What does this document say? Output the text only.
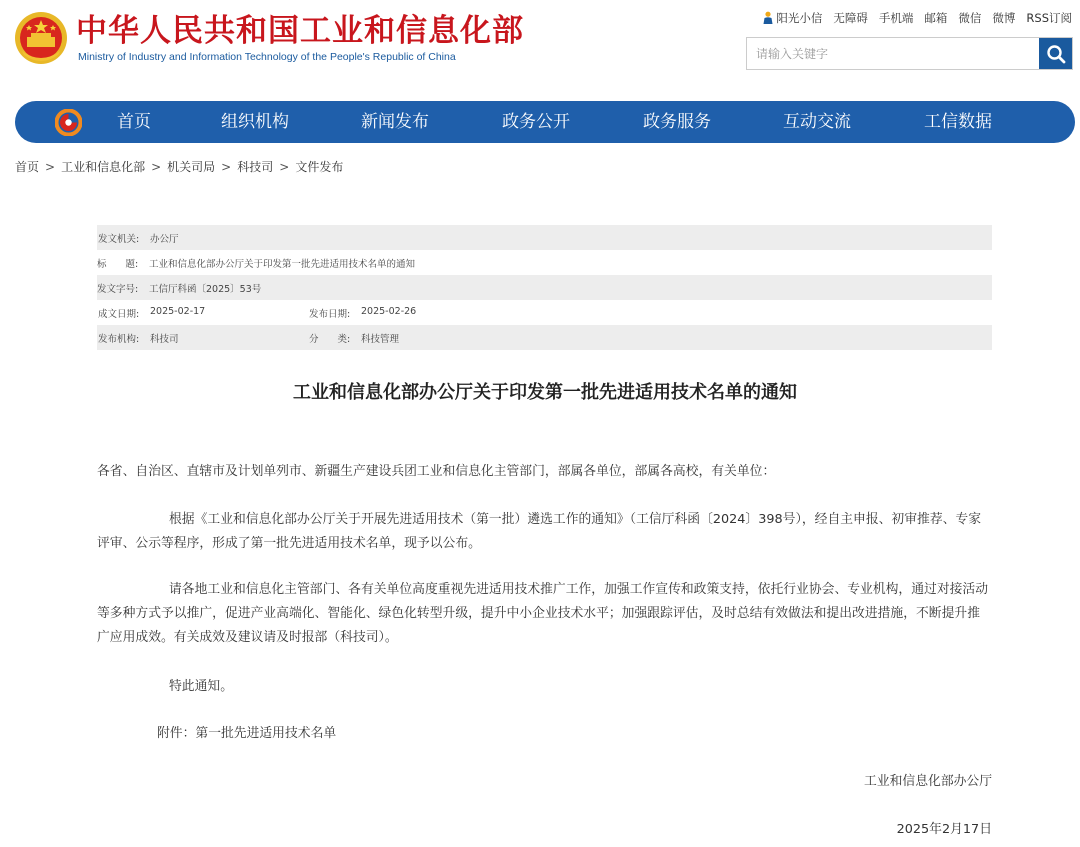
中华人民共和国工业和信息化部
Ministry of Industry and Information Technology of the People's Republic of China
阳光小信 无障碍 手机端 邮箱 微信 微博 RSS订阅
请输入关键字
首页	组织机构	新闻发布	政务公开	政务服务	互动交流	工信数据
首页 > 工业和信息化部 > 机关司局 > 科技司 > 文件发布
发文机关:	办公厅
标　　题:	工业和信息化部办公厅关于印发第一批先进适用技术名单的通知
发文字号:	工信厅科函〔2025〕53号
成文日期:	2025-02-17	发布日期:	2025-02-26
发布机构:	科技司	分　　类:	科技管理
工业和信息化部办公厅关于印发第一批先进适用技术名单的通知
各省、自治区、直辖市及计划单列市、新疆生产建设兵团工业和信息化主管部门，部属各单位，部属各高校，有关单位：
根据《工业和信息化部办公厅关于开展先进适用技术（第一批）遴选工作的通知》（工信厅科函〔2024〕398号），经自主申报、初审推荐、专家评审、公示等程序，形成了第一批先进适用技术名单，现予以公布。
请各地工业和信息化主管部门、各有关单位高度重视先进适用技术推广工作，加强工作宣传和政策支持，依托行业协会、专业机构，通过对接活动等多种方式予以推广，促进产业高端化、智能化、绿色化转型升级，提升中小企业技术水平；加强跟踪评估，及时总结有效做法和提出改进措施，不断提升推广应用成效。有关成效及建议请及时报部（科技司）。
特此通知。
附件：第一批先进适用技术名单
工业和信息化部办公厅
2025年2月17日
